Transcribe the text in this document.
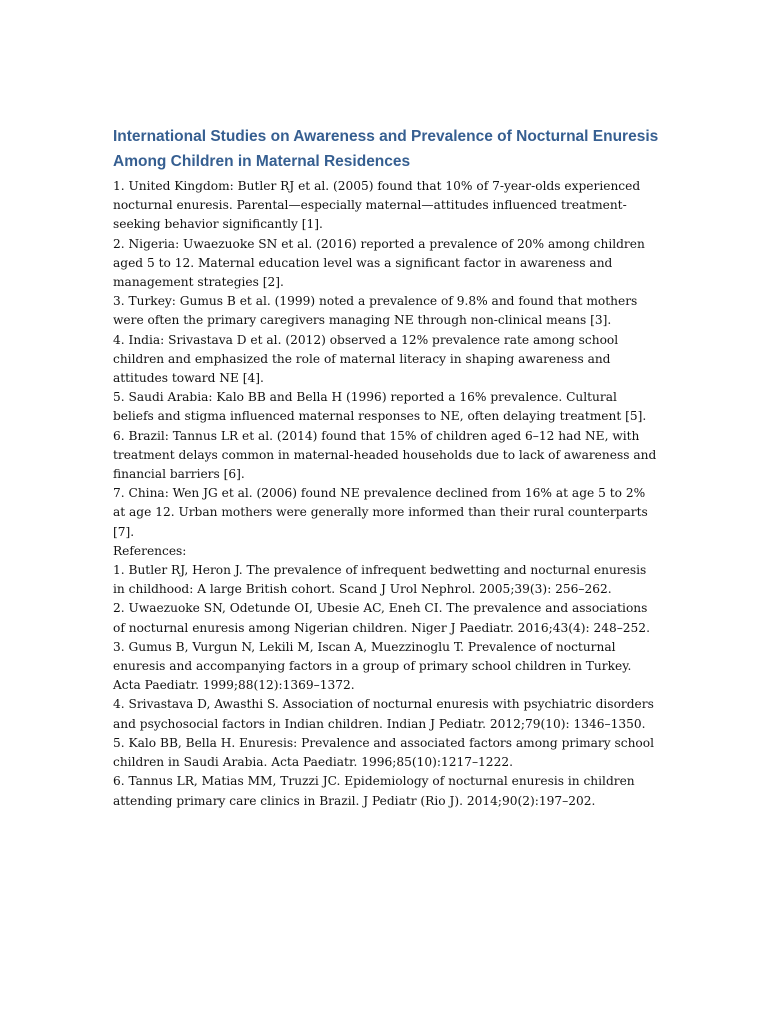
International Studies on Awareness and Prevalence of Nocturnal Enuresis
Among Children in Maternal Residences

1. United Kingdom: Butler RJ et al. (2005) found that 10% of 7-year-olds experienced nocturnal enuresis. Parental—especially maternal—attitudes influenced treatment-seeking behavior significantly [1].

2. Nigeria: Uwaezuoke SN et al. (2016) reported a prevalence of 20% among children aged 5 to 12. Maternal education level was a significant factor in awareness and management strategies [2].

3. Turkey: Gumus B et al. (1999) noted a prevalence of 9.8% and found that mothers were often the primary caregivers managing NE through non-clinical means [3].

4. India: Srivastava D et al. (2012) observed a 12% prevalence rate among school children and emphasized the role of maternal literacy in shaping awareness and attitudes toward NE [4].

5. Saudi Arabia: Kalo BB and Bella H (1996) reported a 16% prevalence. Cultural beliefs and stigma influenced maternal responses to NE, often delaying treatment [5].

6. Brazil: Tannus LR et al. (2014) found that 15% of children aged 6–12 had NE, with treatment delays common in maternal-headed households due to lack of awareness and financial barriers [6].

7. China: Wen JG et al. (2006) found NE prevalence declined from 16% at age 5 to 2% at age 12. Urban mothers were generally more informed than their rural counterparts [7].

References:

1. Butler RJ, Heron J. The prevalence of infrequent bedwetting and nocturnal enuresis in childhood: A large British cohort. Scand J Urol Nephrol. 2005;39(3): 256–262.

2. Uwaezuoke SN, Odetunde OI, Ubesie AC, Eneh CI. The prevalence and associations of nocturnal enuresis among Nigerian children. Niger J Paediatr. 2016;43(4): 248–252.

3. Gumus B, Vurgun N, Lekili M, Iscan A, Muezzinoglu T. Prevalence of nocturnal enuresis and accompanying factors in a group of primary school children in Turkey. Acta Paediatr. 1999;88(12):1369–1372.

4. Srivastava D, Awasthi S. Association of nocturnal enuresis with psychiatric disorders and psychosocial factors in Indian children. Indian J Pediatr. 2012;79(10): 1346–1350.

5. Kalo BB, Bella H. Enuresis: Prevalence and associated factors among primary school children in Saudi Arabia. Acta Paediatr. 1996;85(10):1217–1222.

6. Tannus LR, Matias MM, Truzzi JC. Epidemiology of nocturnal enuresis in children attending primary care clinics in Brazil. J Pediatr (Rio J). 2014;90(2):197–202.
